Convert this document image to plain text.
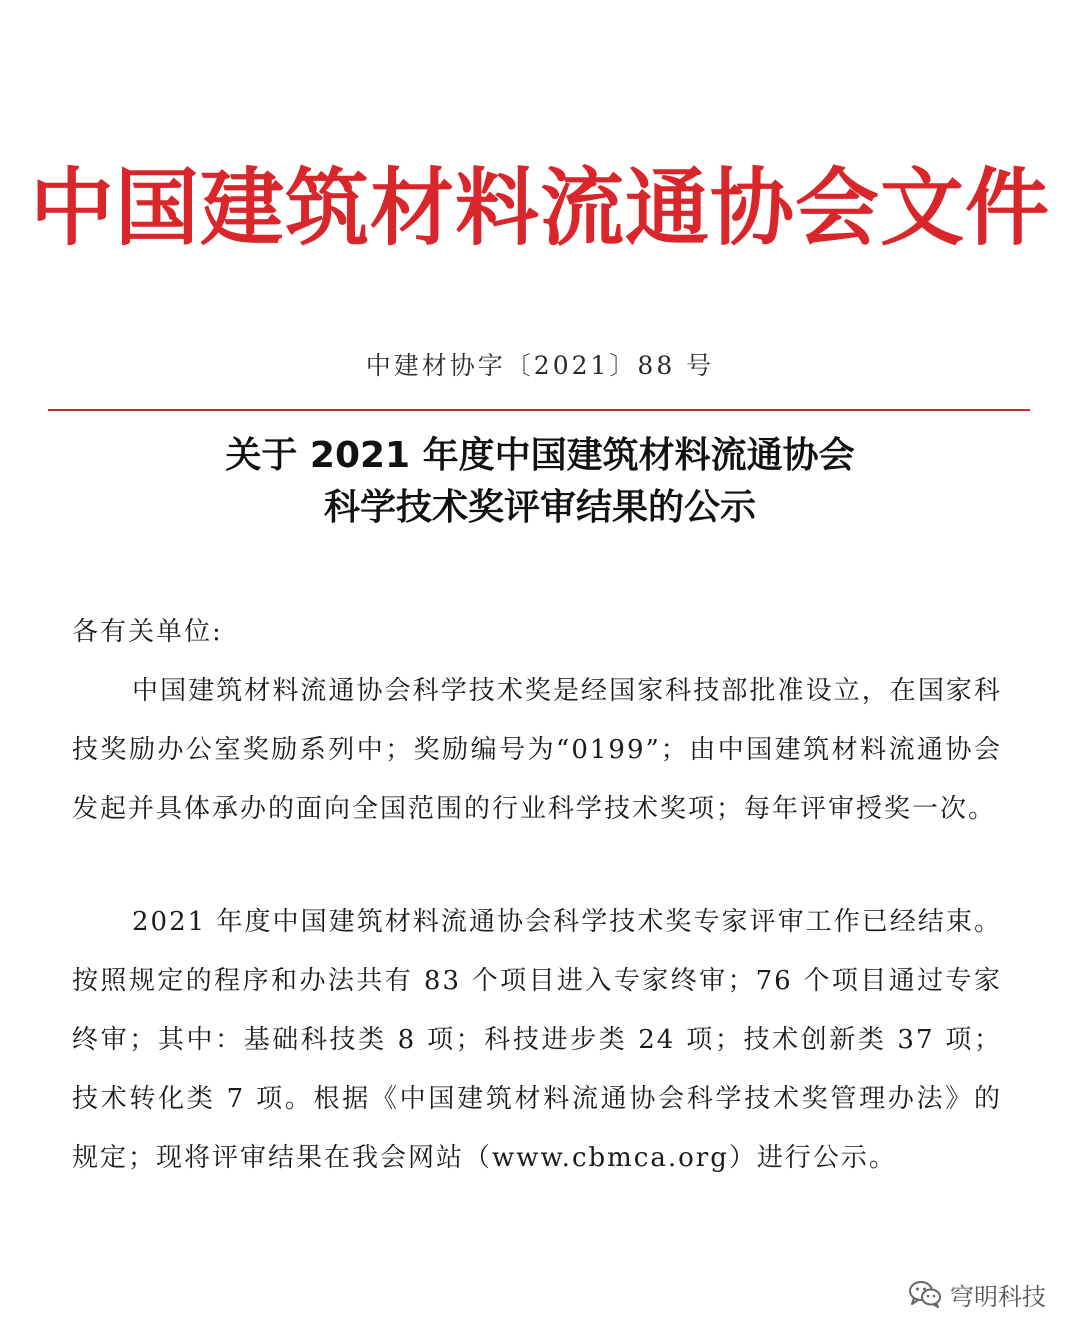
中国建筑材料流通协会文件
中建材协字〔2021〕88 号
关于 2021 年度中国建筑材料流通协会
科学技术奖评审结果的公示
各有关单位:
中国建筑材料流通协会科学技术奖是经国家科技部批准设立，在国家科技奖励办公室奖励系列中；奖励编号为“0199”；由中国建筑材料流通协会发起并具体承办的面向全国范围的行业科学技术奖项；每年评审授奖一次。
2021 年度中国建筑材料流通协会科学技术奖专家评审工作已经结束。按照规定的程序和办法共有 83 个项目进入专家终审；76 个项目通过专家终审；其中：基础科技类 8 项；科技进步类 24 项；技术创新类 37 项；技术转化类 7 项。根据《中国建筑材料流通协会科学技术奖管理办法》的规定；现将评审结果在我会网站（www.cbmca.org）进行公示。
穹明科技
